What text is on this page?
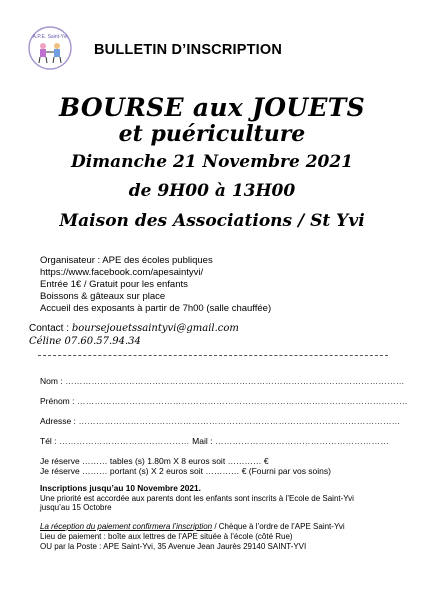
A.P.E. Saint-Yvi
BULLETIN D’INSCRIPTION
BOURSE aux JOUETS
et puériculture
Dimanche 21 Novembre 2021
de 9H00 à 13H00
Maison des Associations / St Yvi
Organisateur : APE des écoles publiques
https://www.facebook.com/apesaintyvi/
Entrée 1€ / Gratuit pour les enfants
Boissons & gâteaux sur place
Accueil des exposants à partir de 7h00 (salle chauffée)
Contact : boursejouetssaintyvi@gmail.com
Céline 07.60.57.94.34
Nom : ………………………………………………………………………………………………………
Prénom : ……………………………………………………………………………………………………
Adresse : …………………………………………………………………………………………………
Tél : ……………………………………… Mail : ……………………………………………………
Je réserve ……… tables (s) 1.80m X 8 euros soit ………… €
Je réserve ……… portant (s) X 2 euros soit ………… € (Fourni par vos soins)
Inscriptions jusqu’au 10 Novembre 2021.
Une priorité est accordée aux parents dont les enfants sont inscrits à l’Ecole de Saint-Yvi
jusqu’au 15 Octobre
La réception du paiement confirmera l’inscription / Chèque à l’ordre de l’APE Saint-Yvi
Lieu de paiement : boîte aux lettres de l’APE située à l’école (côté Rue)
OU par la Poste : APE Saint-Yvi, 35 Avenue Jean Jaurès 29140 SAINT-YVI
